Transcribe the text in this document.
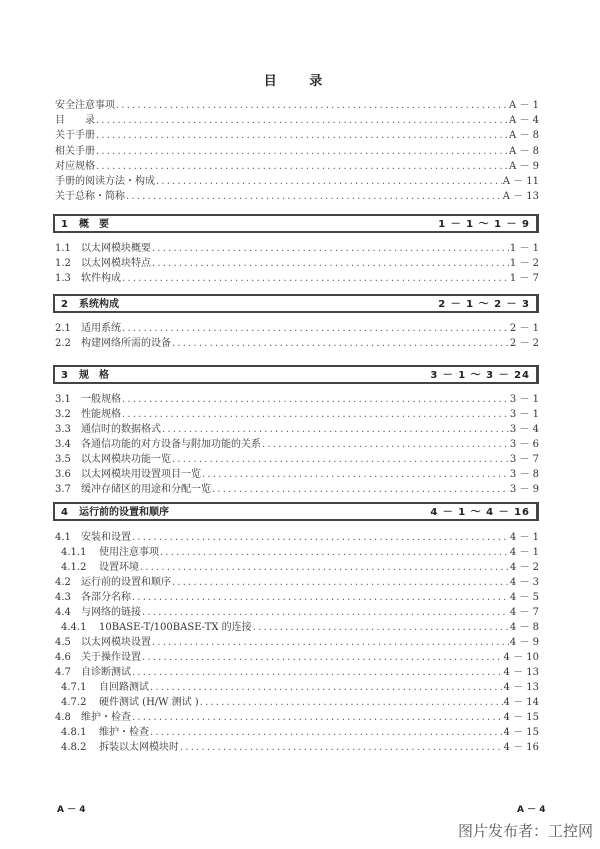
目 录
安全注意事项 .....	A － 1
目　　录 .....	A － 4
关于手册 .....	A － 8
相关手册 .....	A － 8
对应规格 .....	A － 9
手册的阅读方法・构成 .....	A － 11
关于总称・简称 .....	A － 13
1 概　要	1 － 1 ～ 1 － 9
1.1	以太网模块概要 .....	1 － 1
1.2	以太网模块特点 .....	1 － 2
1.3	软件构成 .....	1 － 7
2 系统构成	2 － 1 ～ 2 － 3
2.1	适用系统 .....	2 － 1
2.2	构建网络所需的设备 .....	2 － 2
3 规　格	3 － 1 ～ 3 － 24
3.1	一般规格 .....	3 － 1
3.2	性能规格 .....	3 － 1
3.3	通信时的数据格式 .....	3 － 4
3.4	各通信功能的对方设备与附加功能的关系 .....	3 － 6
3.5	以太网模块功能一览 .....	3 － 7
3.6	以太网模块用设置项目一览 .....	3 － 8
3.7	缓冲存储区的用途和分配一览 .....	3 － 9
4 运行前的设置和顺序	4 － 1 ～ 4 － 16
4.1	安装和设置 .....	4 － 1
4.1.1	使用注意事项 .....	4 － 1
4.1.2	设置环境 .....	4 － 2
4.2	运行前的设置和顺序 .....	4 － 3
4.3	各部分名称 .....	4 － 5
4.4	与网络的链接 .....	4 － 7
4.4.1	10BASE-T/100BASE-TX 的连接 .....	4 － 8
4.5	以太网模块设置 .....	4 － 9
4.6	关于操作设置 .....	4 － 10
4.7	自诊断测试 .....	4 － 13
4.7.1	自回路测试 .....	4 － 13
4.7.2	硬件测试 (H/W 测试 ) .....	4 － 14
4.8	维护・检查 .....	4 － 15
4.8.1	维护・检查 .....	4 － 15
4.8.2	拆装以太网模块时 .....	4 － 16
A － 4	A － 4
图片发布者：工控网
